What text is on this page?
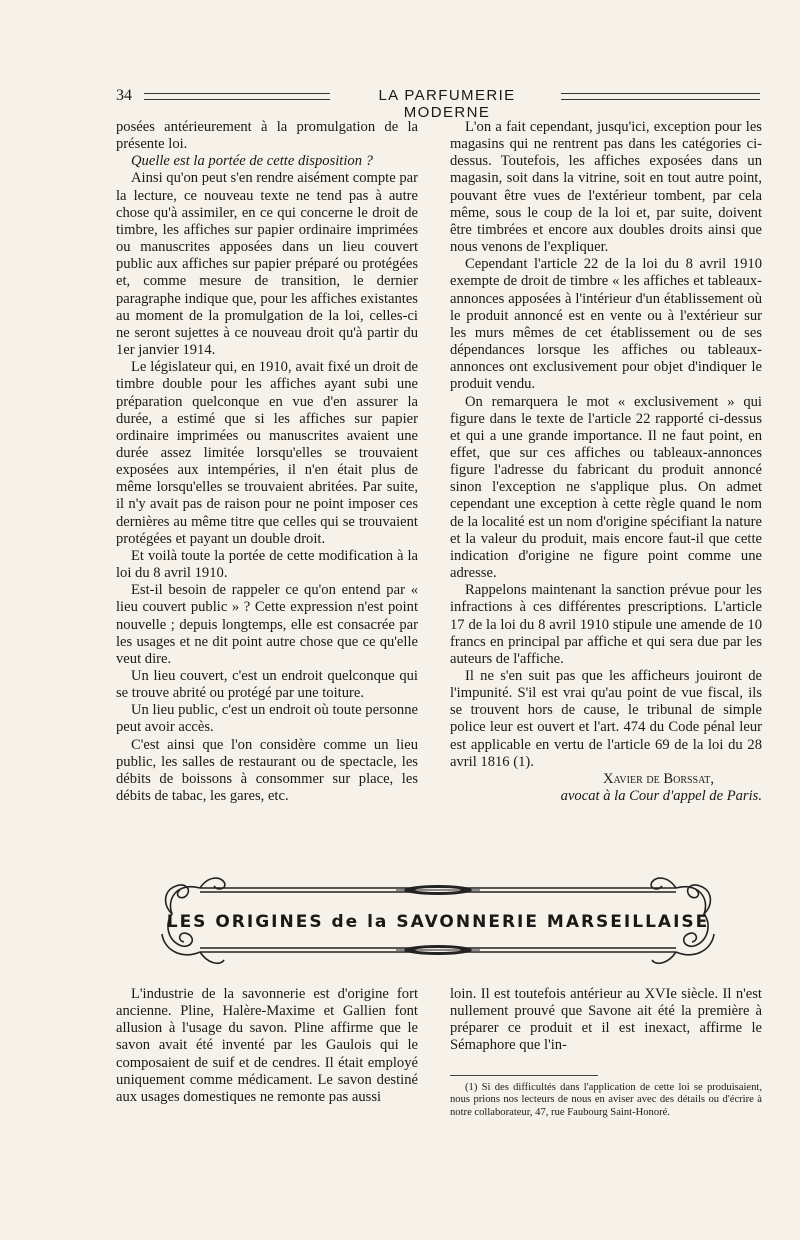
34	LA PARFUMERIE MODERNE

posées antérieurement à la promulgation de la présente loi.

Quelle est la portée de cette disposition ?

Ainsi qu'on peut s'en rendre aisément compte par la lecture, ce nouveau texte ne tend pas à autre chose qu'à assimiler, en ce qui concerne le droit de timbre, les affiches sur papier ordinaire imprimées ou manuscrites apposées dans un lieu couvert public aux affiches sur papier préparé ou protégées et, comme mesure de transition, le dernier paragraphe indique que, pour les affiches existantes au moment de la promulgation de la loi, celles-ci ne seront sujettes à ce nouveau droit qu'à partir du 1er janvier 1914.

Le législateur qui, en 1910, avait fixé un droit de timbre double pour les affiches ayant subi une préparation quelconque en vue d'en assurer la durée, a estimé que si les affiches sur papier ordinaire imprimées ou manuscrites avaient une durée assez limitée lorsqu'elles se trouvaient exposées aux intempéries, il n'en était plus de même lorsqu'elles se trouvaient abritées. Par suite, il n'y avait pas de raison pour ne point imposer ces dernières au même titre que celles qui se trouvaient protégées et payant un double droit.

Et voilà toute la portée de cette modification à la loi du 8 avril 1910.

Est-il besoin de rappeler ce qu'on entend par « lieu couvert public » ? Cette expression n'est point nouvelle ; depuis longtemps, elle est consacrée par les usages et ne dit point autre chose que ce qu'elle veut dire.

Un lieu couvert, c'est un endroit quelconque qui se trouve abrité ou protégé par une toiture.

Un lieu public, c'est un endroit où toute personne peut avoir accès.

C'est ainsi que l'on considère comme un lieu public, les salles de restaurant ou de spectacle, les débits de boissons à consommer sur place, les débits de tabac, les gares, etc.

L'on a fait cependant, jusqu'ici, exception pour les magasins qui ne rentrent pas dans les catégories ci-dessus. Toutefois, les affiches exposées dans un magasin, soit dans la vitrine, soit en tout autre point, pouvant être vues de l'extérieur tombent, par cela même, sous le coup de la loi et, par suite, doivent être timbrées et encore aux doubles droits ainsi que nous venons de l'expliquer.

Cependant l'article 22 de la loi du 8 avril 1910 exempte de droit de timbre « les affiches et tableaux-annonces apposées à l'intérieur d'un établissement où le produit annoncé est en vente ou à l'extérieur sur les murs mêmes de cet établissement ou de ses dépendances lorsque les affiches ou tableaux-annonces ont exclusivement pour objet d'indiquer le produit vendu.

On remarquera le mot « exclusivement » qui figure dans le texte de l'article 22 rapporté ci-dessus et qui a une grande importance. Il ne faut point, en effet, que sur ces affiches ou tableaux-annonces figure l'adresse du fabricant du produit annoncé sinon l'exception ne s'applique plus. On admet cependant une exception à cette règle quand le nom de la localité est un nom d'origine spécifiant la nature et la valeur du produit, mais encore faut-il que cette indication d'origine ne figure point comme une adresse.

Rappelons maintenant la sanction prévue pour les infractions à ces différentes prescriptions. L'article 17 de la loi du 8 avril 1910 stipule une amende de 10 francs en principal par affiche et qui sera due par les auteurs de l'affiche.

Il ne s'en suit pas que les afficheurs jouiront de l'impunité. S'il est vrai qu'au point de vue fiscal, ils se trouvent hors de cause, le tribunal de simple police leur est ouvert et l'art. 474 du Code pénal leur est applicable en vertu de l'article 69 de la loi du 28 avril 1816 (1).

Xavier de Borssat,

avocat à la Cour d'appel de Paris.

LES ORIGINES de la SAVONNERIE MARSEILLAISE

L'industrie de la savonnerie est d'origine fort ancienne. Pline, Halère-Maxime et Gallien font allusion à l'usage du savon. Pline affirme que le savon avait été inventé par les Gaulois qui le composaient de suif et de cendres. Il était employé uniquement comme médicament. Le savon destiné aux usages domestiques ne remonte pas aussi

loin. Il est toutefois antérieur au XVIe siècle. Il n'est nullement prouvé que Savone ait été la première à préparer ce produit et il est inexact, affirme le Sémaphore que l'in-

(1) Si des difficultés dans l'application de cette loi se produisaient, nous prions nos lecteurs de nous en aviser avec des détails ou d'écrire à notre collaborateur, 47, rue Faubourg Saint-Honoré.
